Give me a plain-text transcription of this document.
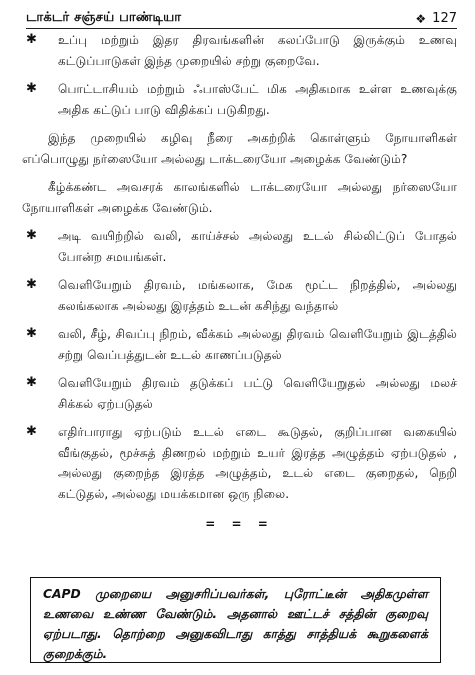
டாக்டர் சஞ்சய் பாண்டியா	❖ 127
✱ உப்பு மற்றும் இதர திரவங்களின் கலப்போடு இருக்கும் உணவு கட்டுப்பாடுகள் இந்த முறையில் சற்று குறைவே.
✱ பொட்டாசியம் மற்றும் ஃபாஸ்பேட் மிக அதிகமாக உள்ள உணவுக்கு அதிக கட்டுப் பாடு விதிக்கப் படுகிறது.

இந்த முறையில் கழிவு நீரை அகற்றிக் கொள்ளும் நோயாளிகள் எப்பொழுது நர்ஸையோ அல்லது டாக்டரையோ அழைக்க வேண்டும்?

கீழ்க்கண்ட அவசரக் காலங்களில் டாக்டரையோ அல்லது நர்ஸையோ நோயாளிகள் அழைக்க வேண்டும்.

✱ அடி வயிற்றில் வலி, காய்ச்சல் அல்லது உடல் சில்லிட்டுப் போதல் போன்ற சமயங்கள்.
✱ வெளியேறும் திரவம், மங்கலாக, மேக மூட்ட நிறத்தில், அல்லது கலங்கலாக அல்லது இரத்தம் உடன் கசிந்து வந்தால்
✱ வலி, சீழ், சிவப்பு நிறம், வீக்கம் அல்லது திரவம் வெளியேறும் இடத்தில் சற்று வெப்பத்துடன் உடல் காணப்படுதல்
✱ வெளியேறும் திரவம் தடுக்கப் பட்டு வெளியேறுதல் அல்லது மலச் சிக்கல் ஏற்படுதல்
✱ எதிர்பாராது ஏற்படும் உடல் எடை கூடுதல், குறிப்பான வகையில் வீங்குதல், மூச்சுத் திணறல் மற்றும் உயர் இரத்த அழுத்தம் ஏற்படுதல் , அல்லது குறைந்த இரத்த அழுத்தம், உடல் எடை குறைதல், நெறி கட்டுதல், அல்லது மயக்கமான ஒரு நிலை.
= = =
CAPD முறையை அனுசரிப்பவர்கள், புரோட்டீன் அதிகமுள்ள உணவை உண்ண வேண்டும். அதனால் ஊட்டச் சத்தின் குறைவு ஏற்படாது. தொற்றை அனுகவிடாது காத்து சாத்தியக் கூறுகளைக் குறைக்கும்.
